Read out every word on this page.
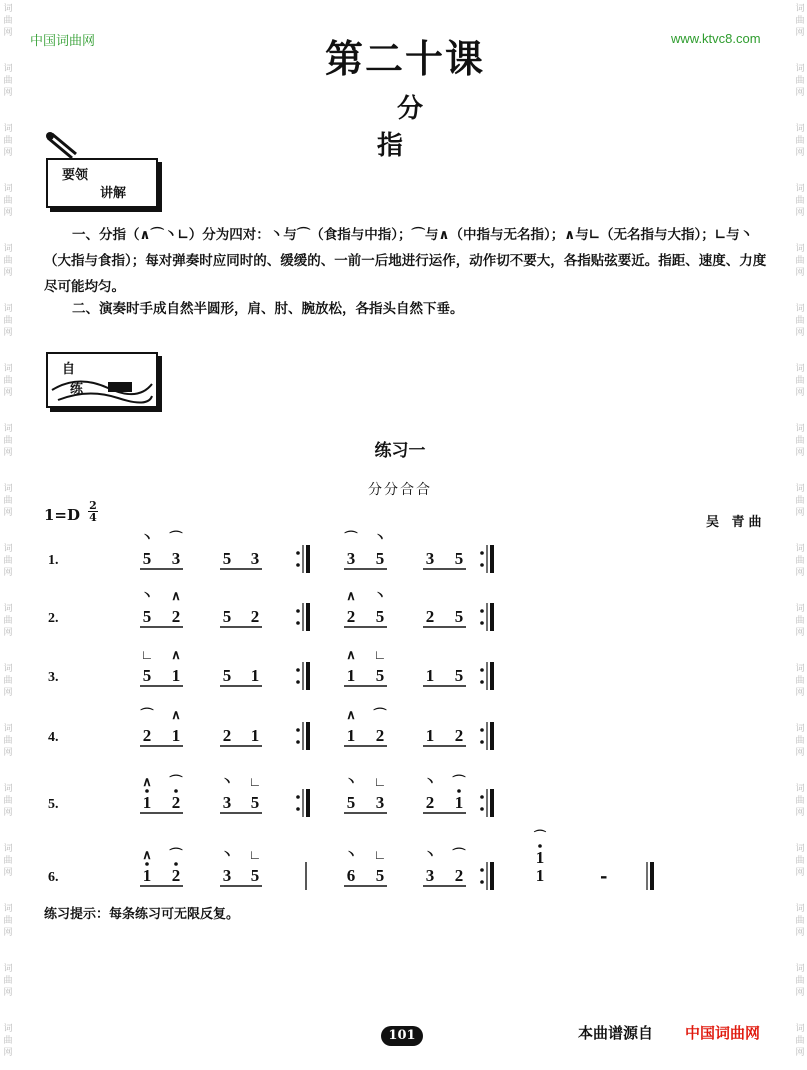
词
曲
网
词
曲
网
词
曲
网
词
曲
网
词
曲
网
词
曲
网
词
曲
网
词
曲
网
词
曲
网
词
曲
网
词
曲
网
词
曲
网
词
曲
网
词
曲
网
词
曲
网
词
曲
网
词
曲
网
词
曲
网
词
曲
网
词
曲
网
词
曲
网
词
曲
网
词
曲
网
词
曲
网
词
曲
网
词
曲
网
词
曲
网
词
曲
网
词
曲
网
词
曲
网
词
曲
网
词
曲
网
词
曲
网
词
曲
网
词
曲
网
词
曲
网
中国词曲网	www.ktvc8.com
第二十课
分指
要领
讲解
一、分指（∧⌒丶∟）分为四对：丶与⌒（食指与中指）；⌒与∧（中指与无名指）；∧与∟（无名指与大指）；∟与丶（大指与食指）；每对弹奏时应同时的、缓缓的、一前一后地进行运作，动作切不要大，各指贴弦要近。指距、速度、力度尽可能均匀。
二、演奏时手成自然半圆形，肩、肘、腕放松，各指头自然下垂。
自
练
练习一
分分合合
1=D
2
4	吴 青曲
1.	5
丶
3
⌒
5 3	3
⌒
5
丶
3 5
2.	5
丶
2
∧
5 2	2
∧
5
丶
2 5
3.	5
∟
1
∧
5 1	1
∧
5
∟
1 5
4.	2
⌒
1
∧
2 1	1
∧
2
⌒
1 2
5.	1
∧
2
⌒
3
丶
5
∟
5
丶
3
∟
2
丶
1
⌒
6.	1
∧
2
⌒
3
丶
5
∟
6
丶
5
∟
3
丶
2
⌒
1
1
⌒
-
练习提示：每条练习可无限反复。
101	本曲谱源自 中国词曲网
